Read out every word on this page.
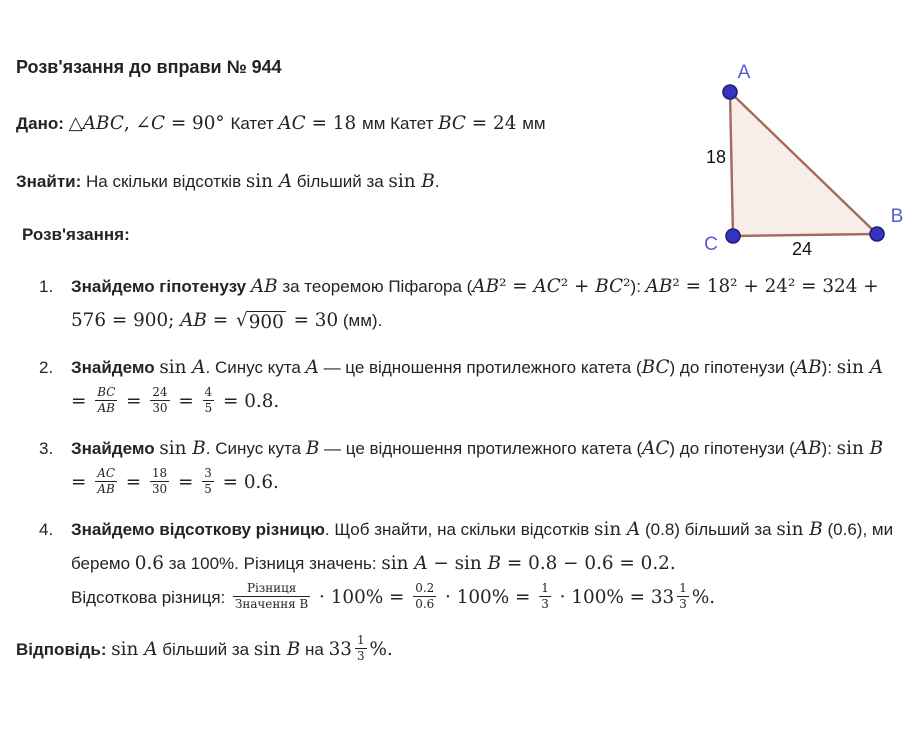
Розв'язання до вправи № 944
Дано: △ABC, ∠C = 90° Катет AC = 18 мм Катет BC = 24 мм
Знайти: На скільки відсотків sin A більший за sin B.
Розв'язання:
1. Знайдемо гіпотенузу AB за теоремою Піфагора (AB² = AC² + BC²): AB² = 18² + 24² = 324 + 576 = 900; AB = √ 900 = 30 (мм).
2. Знайдемо sin A. Синус кута A — це відношення протилежного катета (BC) до гіпотенузи (AB): $\sin A = \frac{BC}{AB} = \frac{24}{30} = \frac{4}{5} = 0.8$.
3. Знайдемо sin B. Синус кута B — це відношення протилежного катета (AC) до гіпотенузи (AB): $\sin B = \frac{AC}{AB} = \frac{18}{30} = \frac{3}{5} = 0.6$.
4. Знайдемо відсоткову різницю. Щоб знайти, на скільки відсотків sin A (0.8) більший за sin B (0.6), ми беремо 0.6 за 100%. Різниця значень: sin A − sin B = 0.8 − 0.6 = 0.2.
Відсоткова різниця: $\frac{\text{Різниця}}{\text{Значення B}} \cdot 100\% = \frac{0.2}{0.6} \cdot 100\% = \frac{1}{3} \cdot 100\% = 33 \frac{1}{3}$ %.
Відповідь: sin A більший за sin B на $33 \frac{1}{3}$ %.
A
B
C
18
24
